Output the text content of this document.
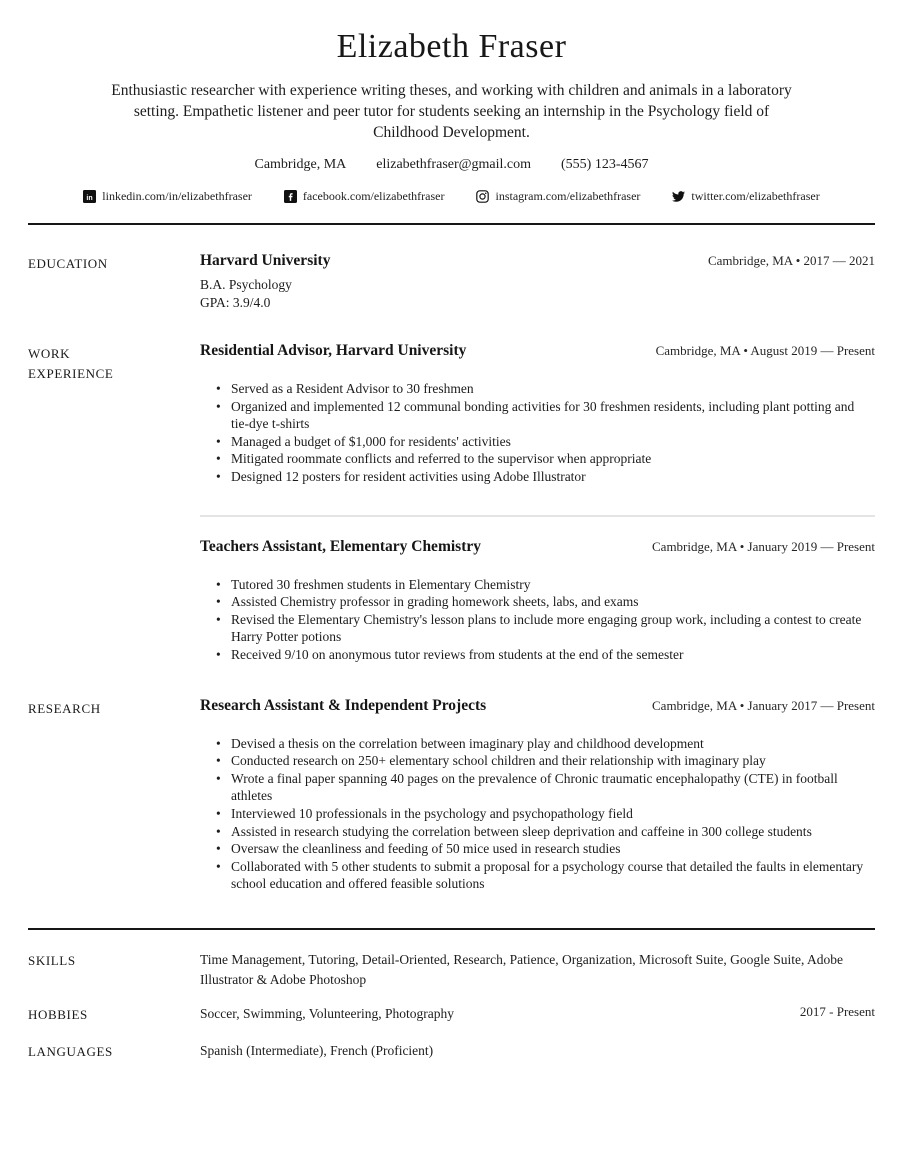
Elizabeth Fraser

Enthusiastic researcher with experience writing theses, and working with children and animals in a laboratory setting. Empathetic listener and peer tutor for students seeking an internship in the Psychology field of Childhood Development.

Cambridge, MA elizabethfraser@gmail.com (555) 123-4567
in linkedin.com/in/elizabethfraser	facebook.com/elizabethfraser	instagram.com/elizabethfraser	twitter.com/elizabethfraser
EDUCATION	Harvard University	Cambridge, MA • 2017 — 2021
B.A. Psychology
GPA: 3.9/4.0
WORK EXPERIENCE
Residential Advisor, Harvard University	Cambridge, MA • August 2019 — Present
• Served as a Resident Advisor to 30 freshmen
• Organized and implemented 12 communal bonding activities for 30 freshmen residents, including plant potting and tie-dye t-shirts
• Managed a budget of $1,000 for residents' activities
• Mitigated roommate conflicts and referred to the supervisor when appropriate
• Designed 12 posters for resident activities using Adobe Illustrator
Teachers Assistant, Elementary Chemistry	Cambridge, MA • January 2019 — Present
• Tutored 30 freshmen students in Elementary Chemistry
• Assisted Chemistry professor in grading homework sheets, labs, and exams
• Revised the Elementary Chemistry's lesson plans to include more engaging group work, including a contest to create Harry Potter potions
• Received 9/10 on anonymous tutor reviews from students at the end of the semester
RESEARCH	Research Assistant & Independent Projects	Cambridge, MA • January 2017 — Present
• Devised a thesis on the correlation between imaginary play and childhood development
• Conducted research on 250+ elementary school children and their relationship with imaginary play
• Wrote a final paper spanning 40 pages on the prevalence of Chronic traumatic encephalopathy (CTE) in football athletes
• Interviewed 10 professionals in the psychology and psychopathology field
• Assisted in research studying the correlation between sleep deprivation and caffeine in 300 college students
• Oversaw the cleanliness and feeding of 50 mice used in research studies
• Collaborated with 5 other students to submit a proposal for a psychology course that detailed the faults in elementary school education and offered feasible solutions
SKILLS	Time Management, Tutoring, Detail-Oriented, Research, Patience, Organization, Microsoft Suite, Google Suite, Adobe Illustrator & Adobe Photoshop
HOBBIES	Soccer, Swimming, Volunteering, Photography	2017 - Present
LANGUAGES	Spanish (Intermediate), French (Proficient)
